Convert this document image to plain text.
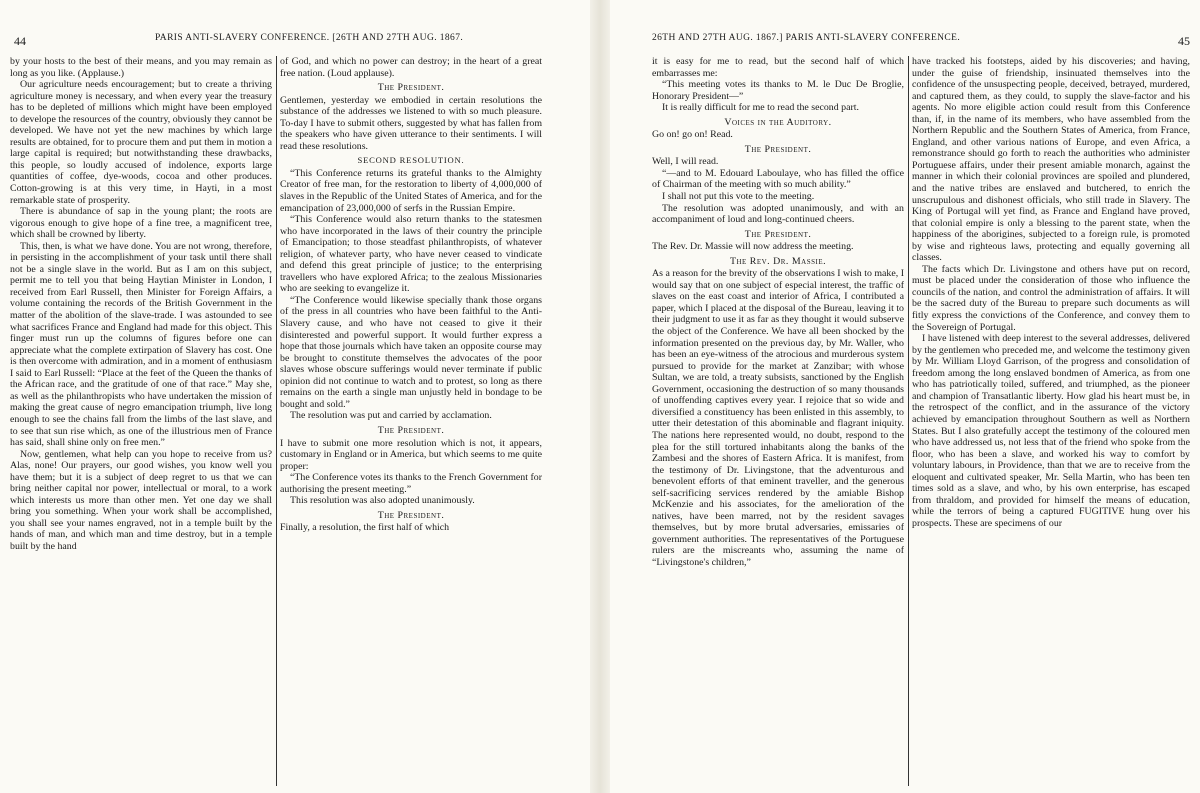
44	PARIS ANTI-SLAVERY CONFERENCE. [26TH AND 27TH AUG. 1867.

by your hosts to the best of their means, and you may remain as long as you like. (Applause.)

Our agriculture needs encouragement; but to create a thriving agriculture money is necessary, and when every year the treasury has to be depleted of millions which might have been employed to develope the resources of the country, obviously they cannot be developed. We have not yet the new machines by which large results are obtained, for to procure them and put them in motion a large capital is required; but notwithstanding these drawbacks, this people, so loudly accused of indolence, exports large quantities of coffee, dye-woods, cocoa and other produces. Cotton-growing is at this very time, in Hayti, in a most remarkable state of prosperity.

There is abundance of sap in the young plant; the roots are vigorous enough to give hope of a fine tree, a magnificent tree, which shall be crowned by liberty.

This, then, is what we have done. You are not wrong, therefore, in persisting in the accomplishment of your task until there shall not be a single slave in the world. But as I am on this subject, permit me to tell you that being Haytian Minister in London, I received from Earl Russell, then Minister for Foreign Affairs, a volume containing the records of the British Government in the matter of the abolition of the slave-trade. I was astounded to see what sacrifices France and England had made for this object. This finger must run up the columns of figures before one can appreciate what the complete extirpation of Slavery has cost. One is then overcome with admiration, and in a moment of enthusiasm I said to Earl Russell: “Place at the feet of the Queen the thanks of the African race, and the gratitude of one of that race.” May she, as well as the philanthropists who have undertaken the mission of making the great cause of negro emancipation triumph, live long enough to see the chains fall from the limbs of the last slave, and to see that sun rise which, as one of the illustrious men of France has said, shall shine only on free men.”

Now, gentlemen, what help can you hope to receive from us? Alas, none! Our prayers, our good wishes, you know well you have them; but it is a subject of deep regret to us that we can bring neither capital nor power, intellectual or moral, to a work which interests us more than other men. Yet one day we shall bring you something. When your work shall be accomplished, you shall see your names engraved, not in a temple built by the hands of man, and which man and time destroy, but in a temple built by the hand

of God, and which no power can destroy; in the heart of a great free nation. (Loud applause).

The President.

Gentlemen, yesterday we embodied in certain resolutions the substance of the addresses we listened to with so much pleasure. To-day I have to submit others, suggested by what has fallen from the speakers who have given utterance to their sentiments. I will read these resolutions.

SECOND RESOLUTION.

“This Conference returns its grateful thanks to the Almighty Creator of free man, for the restoration to liberty of 4,000,000 of slaves in the Republic of the United States of America, and for the emancipation of 23,000,000 of serfs in the Russian Empire.

“This Conference would also return thanks to the statesmen who have incorporated in the laws of their country the principle of Emancipation; to those steadfast philanthropists, of whatever religion, of whatever party, who have never ceased to vindicate and defend this great principle of justice; to the enterprising travellers who have explored Africa; to the zealous Missionaries who are seeking to evangelize it.

“The Conference would likewise specially thank those organs of the press in all countries who have been faithful to the Anti-Slavery cause, and who have not ceased to give it their disinterested and powerful support. It would further express a hope that those journals which have taken an opposite course may be brought to constitute themselves the advocates of the poor slaves whose obscure sufferings would never terminate if public opinion did not continue to watch and to protest, so long as there remains on the earth a single man unjustly held in bondage to be bought and sold.”

The resolution was put and carried by acclamation.

The President.

I have to submit one more resolution which is not, it appears, customary in England or in America, but which seems to me quite proper:

“The Conference votes its thanks to the French Government for authorising the present meeting.”

This resolution was also adopted unanimously.

The President.

Finally, a resolution, the first half of which

26TH AND 27TH AUG. 1867.] PARIS ANTI-SLAVERY CONFERENCE.	45

it is easy for me to read, but the second half of which embarrasses me:

“This meeting votes its thanks to M. le Duc De Broglie, Honorary President—”

It is really difficult for me to read the second part.

Voices in the Auditory.

Go on! go on! Read.

The President.

Well, I will read.

“—and to M. Edouard Laboulaye, who has filled the office of Chairman of the meeting with so much ability.”

I shall not put this vote to the meeting.

The resolution was adopted unanimously, and with an accompaniment of loud and long-continued cheers.

The President.

The Rev. Dr. Massie will now address the meeting.

The Rev. Dr. Massie.

As a reason for the brevity of the observations I wish to make, I would say that on one subject of especial interest, the traffic of slaves on the east coast and interior of Africa, I contributed a paper, which I placed at the disposal of the Bureau, leaving it to their judgment to use it as far as they thought it would subserve the object of the Conference. We have all been shocked by the information presented on the previous day, by Mr. Waller, who has been an eye-witness of the atrocious and murderous system pursued to provide for the market at Zanzibar; with whose Sultan, we are told, a treaty subsists, sanctioned by the English Government, occasioning the destruction of so many thousands of unoffending captives every year. I rejoice that so wide and diversified a constituency has been enlisted in this assembly, to utter their detestation of this abominable and flagrant iniquity. The nations here represented would, no doubt, respond to the plea for the still tortured inhabitants along the banks of the Zambesi and the shores of Eastern Africa. It is manifest, from the testimony of Dr. Livingstone, that the adventurous and benevolent efforts of that eminent traveller, and the generous self-sacrificing services rendered by the amiable Bishop McKenzie and his associates, for the amelioration of the natives, have been marred, not by the resident savages themselves, but by more brutal adversaries, emissaries of government authorities. The representatives of the Portuguese rulers are the miscreants who, assuming the name of “Livingstone's children,”

have tracked his footsteps, aided by his discoveries; and having, under the guise of friendship, insinuated themselves into the confidence of the unsuspecting people, deceived, betrayed, murdered, and captured them, as they could, to supply the slave-factor and his agents. No more eligible action could result from this Conference than, if, in the name of its members, who have assembled from the Northern Republic and the Southern States of America, from France, England, and other various nations of Europe, and even Africa, a remonstrance should go forth to reach the authorities who administer Portuguese affairs, under their present amiable monarch, against the manner in which their colonial provinces are spoiled and plundered, and the native tribes are enslaved and butchered, to enrich the unscrupulous and dishonest officials, who still trade in Slavery. The King of Portugal will yet find, as France and England have proved, that colonial empire is only a blessing to the parent state, when the happiness of the aborigines, subjected to a foreign rule, is promoted by wise and righteous laws, protecting and equally governing all classes.

The facts which Dr. Livingstone and others have put on record, must be placed under the consideration of those who influence the councils of the nation, and control the administration of affairs. It will be the sacred duty of the Bureau to prepare such documents as will fitly express the convictions of the Conference, and convey them to the Sovereign of Portugal.

I have listened with deep interest to the several addresses, delivered by the gentlemen who preceded me, and welcome the testimony given by Mr. William Lloyd Garrison, of the progress and consolidation of freedom among the long enslaved bondmen of America, as from one who has patriotically toiled, suffered, and triumphed, as the pioneer and champion of Transatlantic liberty. How glad his heart must be, in the retrospect of the conflict, and in the assurance of the victory achieved by emancipation throughout Southern as well as Northern States. But I also gratefully accept the testimony of the coloured men who have addressed us, not less that of the friend who spoke from the floor, who has been a slave, and worked his way to comfort by voluntary labours, in Providence, than that we are to receive from the eloquent and cultivated speaker, Mr. Sella Martin, who has been ten times sold as a slave, and who, by his own enterprise, has escaped from thraldom, and provided for himself the means of education, while the terrors of being a captured FUGITIVE hung over his prospects. These are specimens of our
